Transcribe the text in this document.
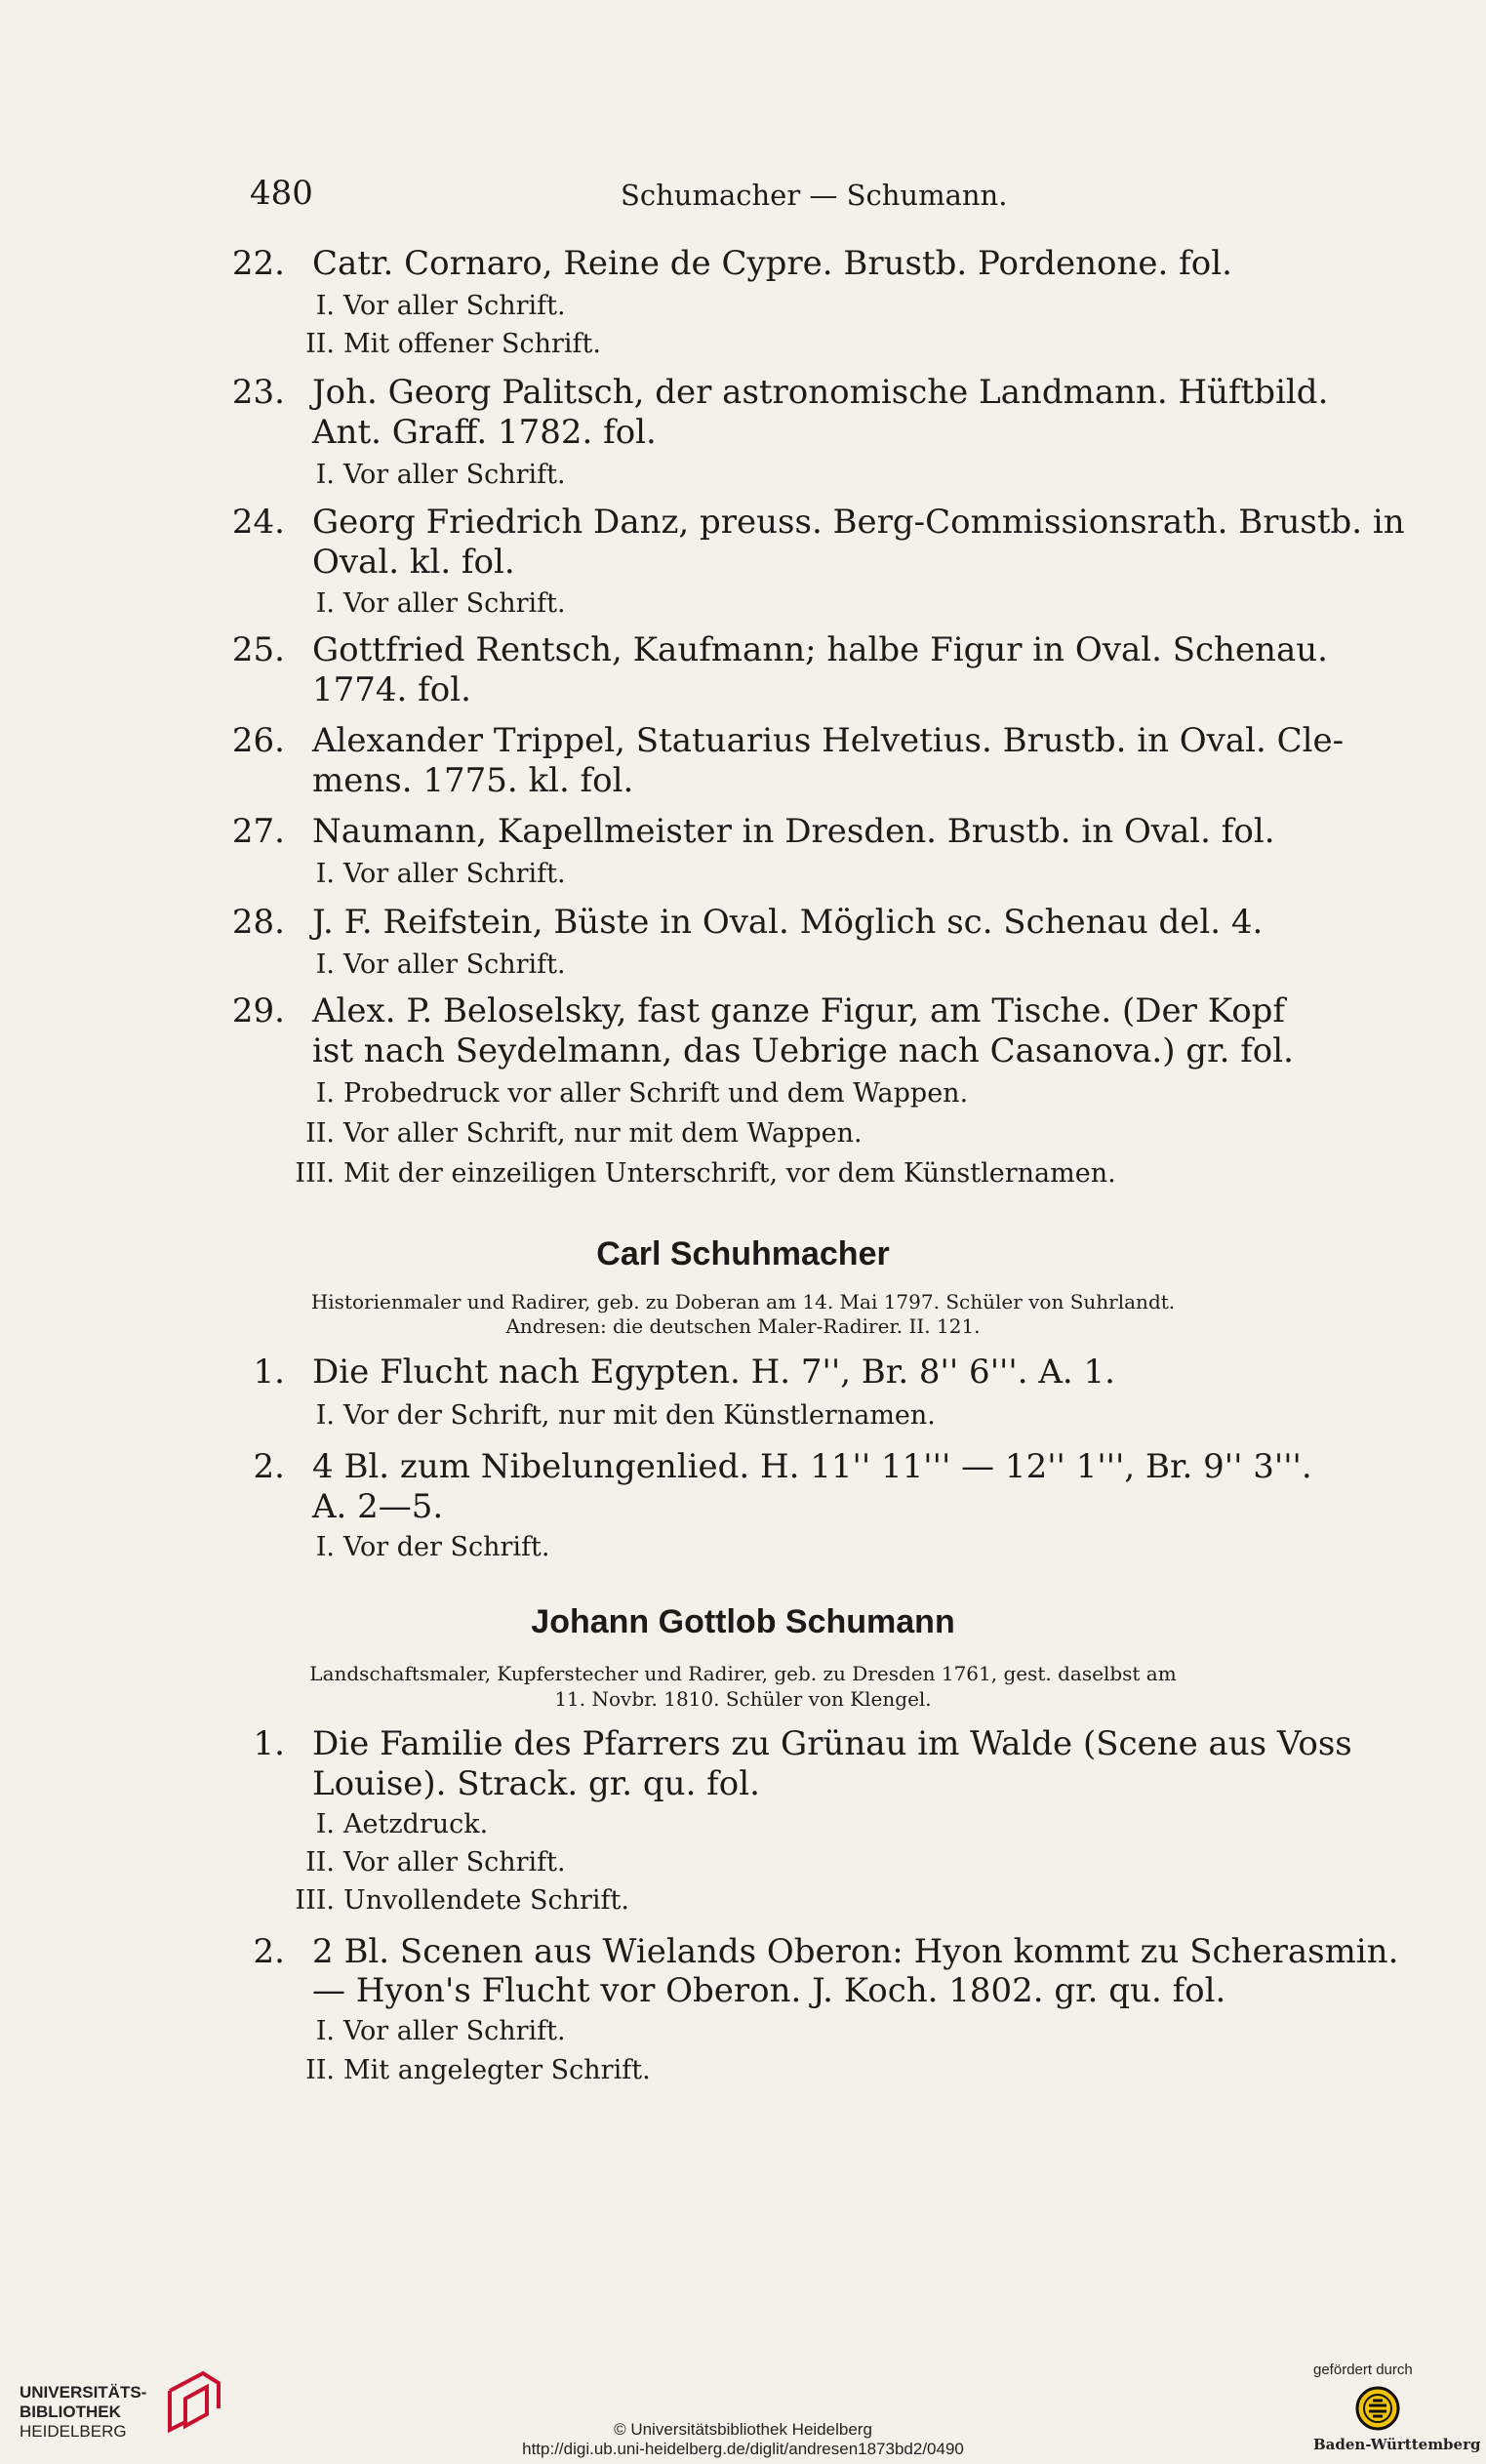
480	Schumacher — Schumann.
22. Catr. Cornaro, Reine de Cypre. Brustb. Pordenone. fol.
I. Vor aller Schrift.
II. Mit offener Schrift.
23. Joh. Georg Palitsch, der astronomische Landmann. Hüftbild.
Ant. Graff. 1782. fol.
I. Vor aller Schrift.
24. Georg Friedrich Danz, preuss. Berg-Commissionsrath. Brustb. in
Oval. kl. fol.
I. Vor aller Schrift.
25. Gottfried Rentsch, Kaufmann; halbe Figur in Oval. Schenau.
1774. fol.
26. Alexander Trippel, Statuarius Helvetius. Brustb. in Oval. Cle-
mens. 1775. kl. fol.
27. Naumann, Kapellmeister in Dresden. Brustb. in Oval. fol.
I. Vor aller Schrift.
28. J. F. Reifstein, Büste in Oval. Möglich sc. Schenau del. 4.
I. Vor aller Schrift.
29. Alex. P. Beloselsky, fast ganze Figur, am Tische. (Der Kopf
ist nach Seydelmann, das Uebrige nach Casanova.) gr. fol.
I. Probedruck vor aller Schrift und dem Wappen.
II. Vor aller Schrift, nur mit dem Wappen.
III. Mit der einzeiligen Unterschrift, vor dem Künstlernamen.
Carl Schuhmacher
Historienmaler und Radirer, geb. zu Doberan am 14. Mai 1797. Schüler von Suhrlandt.
Andresen: die deutschen Maler-Radirer. II. 121.
1. Die Flucht nach Egypten. H. 7'', Br. 8'' 6'''. A. 1.
I. Vor der Schrift, nur mit den Künstlernamen.
2. 4 Bl. zum Nibelungenlied. H. 11'' 11''' — 12'' 1''', Br. 9'' 3'''.
A. 2—5.
I. Vor der Schrift.
Johann Gottlob Schumann
Landschaftsmaler, Kupferstecher und Radirer, geb. zu Dresden 1761, gest. daselbst am
11. Novbr. 1810. Schüler von Klengel.
1. Die Familie des Pfarrers zu Grünau im Walde (Scene aus Voss
Louise). Strack. gr. qu. fol.
I. Aetzdruck.
II. Vor aller Schrift.
III. Unvollendete Schrift.
2. 2 Bl. Scenen aus Wielands Oberon: Hyon kommt zu Scherasmin.
— Hyon's Flucht vor Oberon. J. Koch. 1802. gr. qu. fol.
I. Vor aller Schrift.
II. Mit angelegter Schrift.
UNIVERSITÄTS-
BIBLIOTHEK
HEIDELBERG	© Universitätsbibliothek Heidelberg
http://digi.ub.uni-heidelberg.de/diglit/andresen1873bd2/0490
gefördert durch
Baden-Württemberg
